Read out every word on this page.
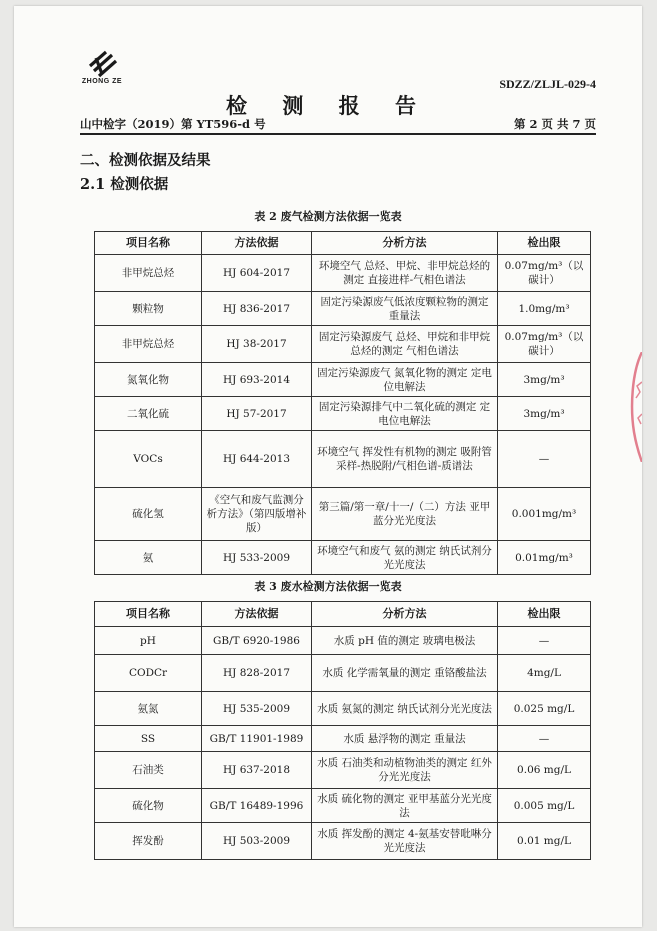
ZHONG ZE	SDZZ/ZLJL-029-4
检 测 报 告
山中检字（2019）第 YT596-d 号	第 2 页 共 7 页
二、检测依据及结果
2.1 检测依据
表 2 废气检测方法依据一览表
项目名称	方法依据	分析方法	检出限
非甲烷总烃	HJ 604-2017	环境空气 总烃、甲烷、非甲烷总烃的测定 直接进样-气相色谱法	0.07mg/m³（以碳计）
颗粒物	HJ 836-2017	固定污染源废气低浓度颗粒物的测定 重量法	1.0mg/m³
非甲烷总烃	HJ 38-2017	固定污染源废气 总烃、甲烷和非甲烷总烃的测定 气相色谱法	0.07mg/m³（以碳计）
氮氧化物	HJ 693-2014	固定污染源废气 氮氧化物的测定 定电位电解法	3mg/m³
二氧化硫	HJ 57-2017	固定污染源排气中二氧化硫的测定 定电位电解法	3mg/m³
VOCs	HJ 644-2013	环境空气 挥发性有机物的测定 吸附管采样-热脱附/气相色谱-质谱法	—
硫化氢	《空气和废气监测分析方法》（第四版增补版）	第三篇/第一章/十一/（二）方法 亚甲蓝分光光度法	0.001mg/m³
氨	HJ 533-2009	环境空气和废气 氨的测定 纳氏试剂分光光度法	0.01mg/m³
表 3 废水检测方法依据一览表
项目名称	方法依据	分析方法	检出限
pH	GB/T 6920-1986	水质 pH 值的测定 玻璃电极法	—
CODCr	HJ 828-2017	水质 化学需氧量的测定 重铬酸盐法	4mg/L
氨氮	HJ 535-2009	水质 氨氮的测定 纳氏试剂分光光度法	0.025 mg/L
SS	GB/T 11901-1989	水质 悬浮物的测定 重量法	—
石油类	HJ 637-2018	水质 石油类和动植物油类的测定 红外分光光度法	0.06 mg/L
硫化物	GB/T 16489-1996	水质 硫化物的测定 亚甲基蓝分光光度法	0.005 mg/L
挥发酚	HJ 503-2009	水质 挥发酚的测定 4-氨基安替吡啉分光光度法	0.01 mg/L
